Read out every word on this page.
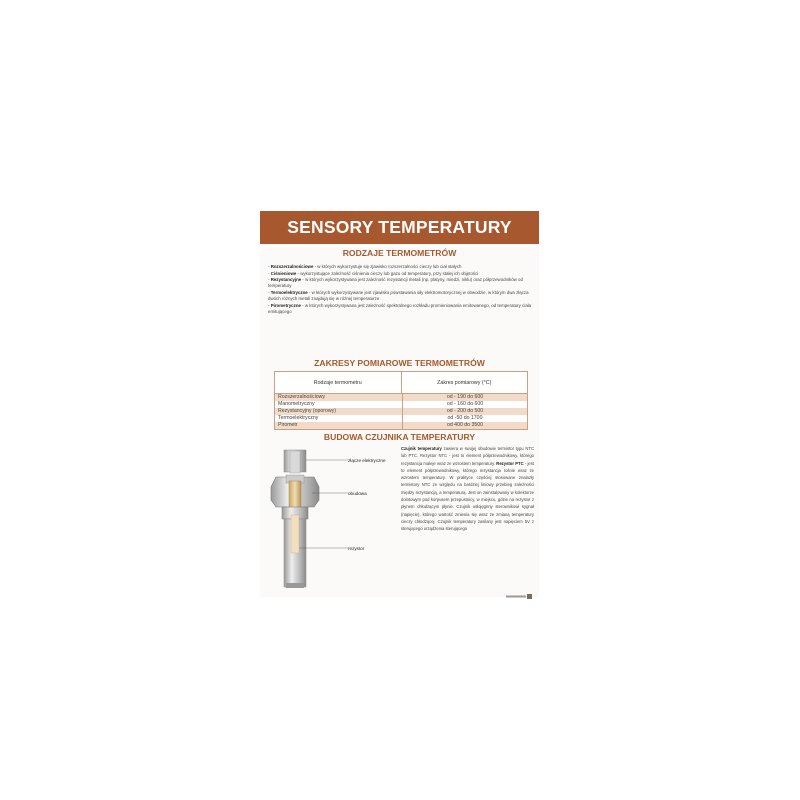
SENSORY TEMPERATURY
RODZAJE TERMOMETRÓW
- Rozszerzalnościowe - w których wykorzystuje się zjawisko rozszerzalności cieczy lub ciał stałych
- Ciśnieniowe - wykorzystujące zależność ciśnienia cieczy lub gazu od temperatury, przy stałej ich objętości
- Rezystancyjne - w których wykorzystywana jest zależność rezystancji metali (np. platyny, miedzi, niklu) oraz półprzewodników od temperatury
- Termoelektryczne - w których wykorzystywane jest zjawisko powstawania siły elektromotorycznej w obwodzie, w którym dwa złącza dwóch różnych metali znajdują się w różnej temperaturze
- Pirometryczne - w których wykorzystywana jest zależność spektralnego rozkładu promieniowania emitowanego, od temperatury ciała emitującego
ZAKRESY POMIAROWE TERMOMETRÓW
Rodzaje termometru	Zakres pomiarowy (°C)
Rozszerzalnościowy	od - 190 do 600
Manometryczny	od - 160 do 600
Rezystancyjny (oporowy)	od - 200 do 500
Termoelektryczny	od -50 do 1700
Pirometr	od 400 do 3500
BUDOWA CZUJNIKA TEMPERATURY
złącze elektryczne
obudowa
rezystor
Czujnik temperatury zawiera w swojej obudowie termistor typu NTC lub PTC. Rezystor NTC - jest to element półprzewodnikowy, którego rezystancja maleje wraz ze wzrostem temperatury. Rezystor PTC - jest to element półprzewodnikowy, którego rezystancja rośnie wraz ze wzrostem temperatury. W praktyce częściej stosowane znalazły termistory NTC ze względu na bardziej liniowy przebieg zależności między rezystancją, a temperaturą. Jest on zainstalowany w kolektorze dolotowym pod korpusem przepustnicy, w miejscu, gdzie na rezystor z płynem chłodzącym płynie. Czujnik usłojęgnny sterownikowi sygnał (napięcie), którego wartość zmienia się wraz ze zmianą temperatury cieczy chłodzącej. Czujnik temperatury zasilany jest napięciem 5V z sterującego urządzenia sterującego
